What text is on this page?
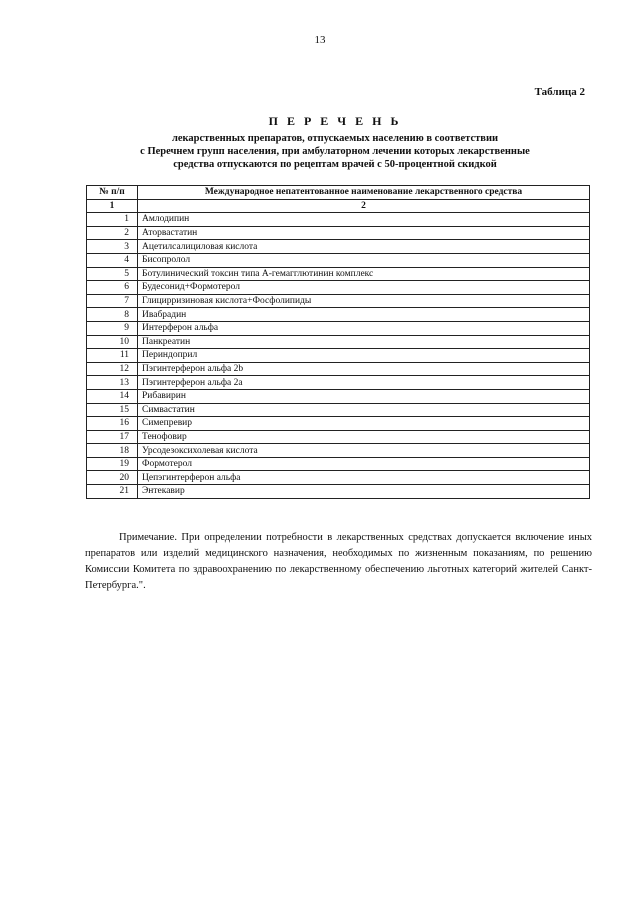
13
Таблица 2
П Е Р Е Ч Е Н Ь
лекарственных препаратов, отпускаемых населению в соответствии
с Перечнем групп населения, при амбулаторном лечении которых лекарственные
средства отпускаются по рецептам врачей с 50-процентной скидкой
№ п/п	Международное непатентованное наименование лекарственного средства
1	2
1	Амлодипин
2	Аторвастатин
3	Ацетилсалициловая кислота
4	Бисопролол
5	Ботулинический токсин типа А-гемагглютинин комплекс
6	Будесонид+Формотерол
7	Глицирризиновая кислота+Фосфолипиды
8	Ивабрадин
9	Интерферон альфа
10	Панкреатин
11	Периндоприл
12	Пэгинтерферон альфа 2b
13	Пэгинтерферон альфа 2а
14	Рибавирин
15	Симвастатин
16	Симепревир
17	Тенофовир
18	Урсодезоксихолевая кислота
19	Формотерол
20	Цепэгинтерферон альфа
21	Энтекавир
Примечание. При определении потребности в лекарственных средствах допускается включение иных препаратов или изделий медицинского назначения, необходимых по жизненным показаниям, по решению Комиссии Комитета по здравоохранению по лекарственному обеспечению льготных категорий жителей Санкт-Петербурга.".
